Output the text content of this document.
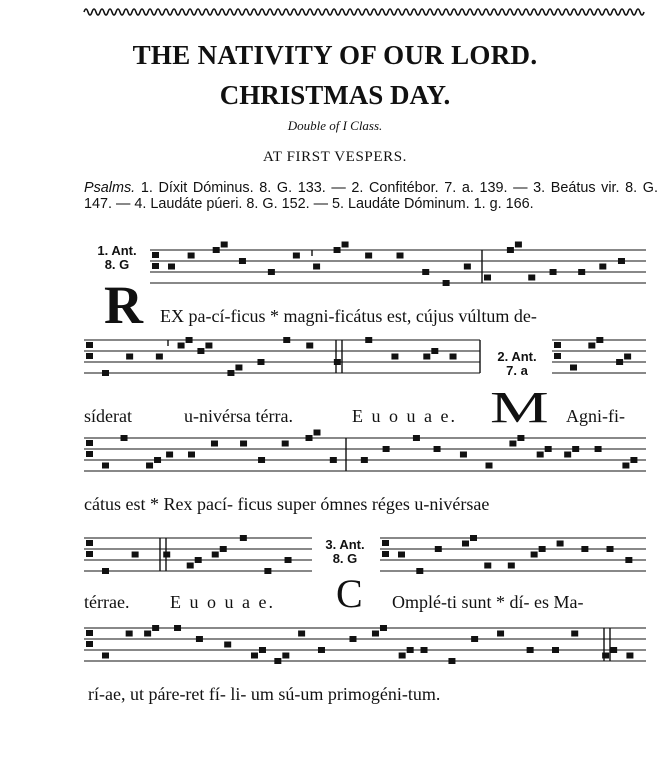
THE NATIVITY OF OUR LORD.
CHRISTMAS DAY.

Double of I Class.

AT FIRST VESPERS.

Psalms. 1. Díxit Dóminus. 8. G. 133. — 2. Confitébor. 7. a. 139. — 3. Beátus vir. 8. G. 147. — 4. Laudáte púeri. 8. G. 152. — 5. Laudáte Dóminum. 1. g. 166.

1. Ant.
8. G

R EX pa-cí-ficus * magni-ficátus est, cújus vúltum de-

síderat	u-nivérsa térra.	E u o u a e.

2. Ant.
7. a

M Agni-fi-

cátus est * Rex pací- ficus super ómnes réges u-nivérsae

térrae. E u o u a e.

3. Ant.
8. G

C Omplé-ti sunt * dí- es Ma-

rí-ae, ut páre-ret fí- li- um sú-um primogéni-tum.
